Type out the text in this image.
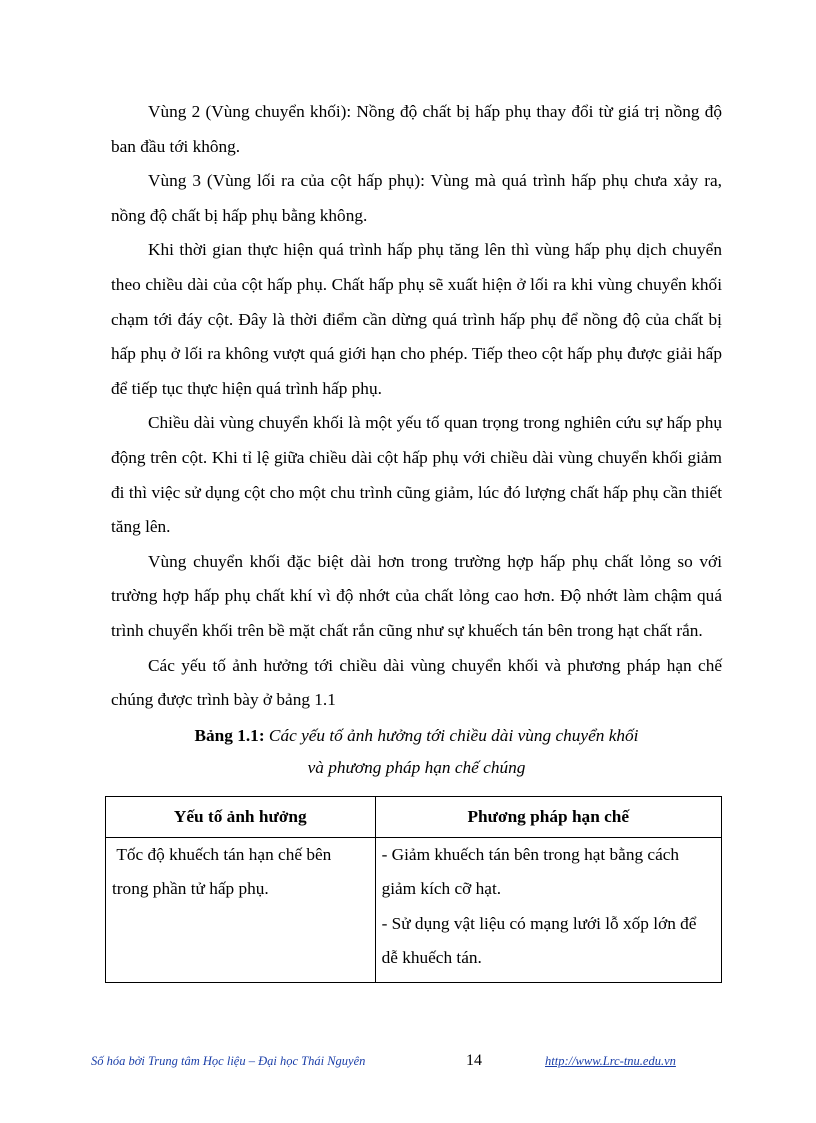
Vùng 2 (Vùng chuyển khối): Nồng độ chất bị hấp phụ thay đổi từ giá trị nồng độ ban đầu tới không.

Vùng 3 (Vùng lối ra của cột hấp phụ): Vùng mà quá trình hấp phụ chưa xảy ra, nồng độ chất bị hấp phụ bằng không.

Khi thời gian thực hiện quá trình hấp phụ tăng lên thì vùng hấp phụ dịch chuyển theo chiều dài của cột hấp phụ. Chất hấp phụ sẽ xuất hiện ở lối ra khi vùng chuyển khối chạm tới đáy cột. Đây là thời điểm cần dừng quá trình hấp phụ để nồng độ của chất bị hấp phụ ở lối ra không vượt quá giới hạn cho phép. Tiếp theo cột hấp phụ được giải hấp để tiếp tục thực hiện quá trình hấp phụ.

Chiều dài vùng chuyển khối là một yếu tố quan trọng trong nghiên cứu sự hấp phụ động trên cột. Khi tỉ lệ giữa chiều dài cột hấp phụ với chiều dài vùng chuyển khối giảm đi thì việc sử dụng cột cho một chu trình cũng giảm, lúc đó lượng chất hấp phụ cần thiết tăng lên.

Vùng chuyển khối đặc biệt dài hơn trong trường hợp hấp phụ chất lỏng so với trường hợp hấp phụ chất khí vì độ nhớt của chất lỏng cao hơn. Độ nhớt làm chậm quá trình chuyển khối trên bề mặt chất rắn cũng như sự khuếch tán bên trong hạt chất rắn.

Các yếu tố ảnh hưởng tới chiều dài vùng chuyển khối và phương pháp hạn chế chúng được trình bày ở bảng 1.1

Bảng 1.1: Các yếu tố ảnh hưởng tới chiều dài vùng chuyển khối
và phương pháp hạn chế chúng
Yếu tố ảnh hưởng	Phương pháp hạn chế

Tốc độ khuếch tán hạn chế bên trong phần tử hấp phụ.	- Giảm khuếch tán bên trong hạt bằng cách giảm kích cỡ hạt.

- Sử dụng vật liệu có mạng lưới lỗ xốp lớn để dễ khuếch tán.

Số hóa bởi Trung tâm Học liệu – Đại học Thái Nguyên	14	http://www.Lrc-tnu.edu.vn
